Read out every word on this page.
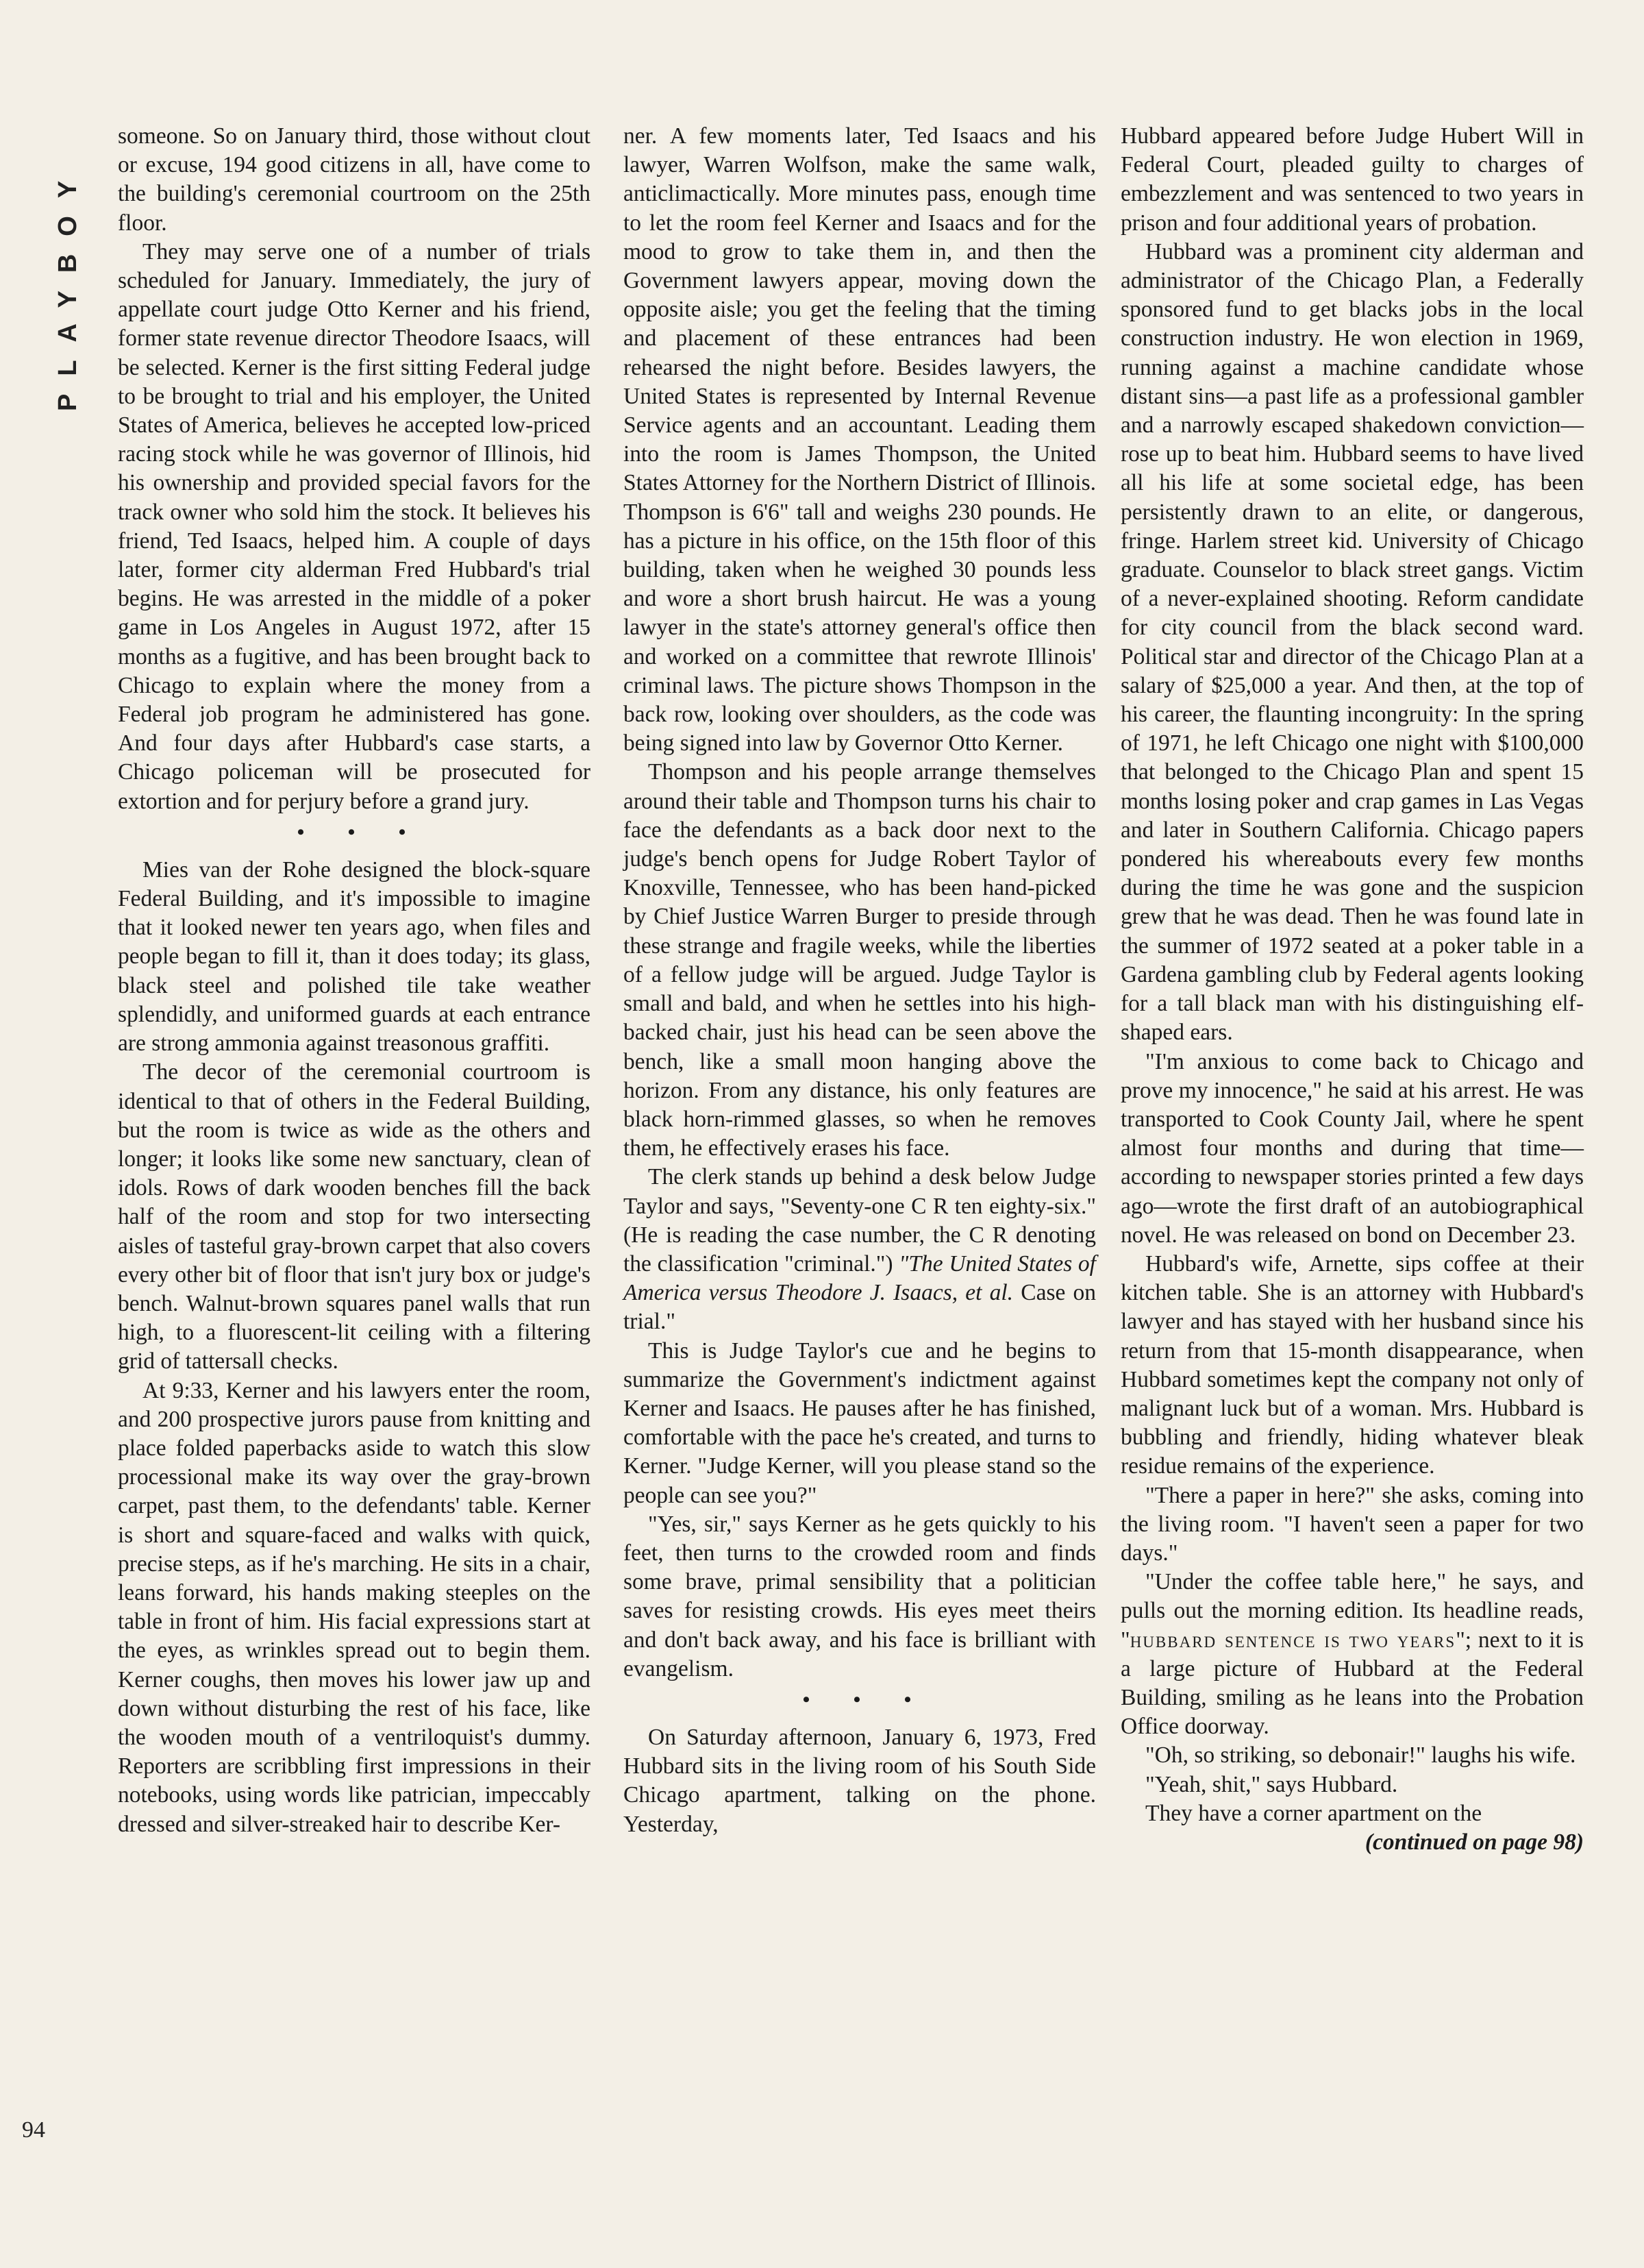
PLAYBOY
94

someone. So on January third, those without clout or excuse, 194 good citizens in all, have come to the building's ceremonial courtroom on the 25th floor.

They may serve one of a number of trials scheduled for January. Immediately, the jury of appellate court judge Otto Kerner and his friend, former state revenue director Theodore Isaacs, will be selected. Kerner is the first sitting Federal judge to be brought to trial and his employer, the United States of America, believes he accepted low-priced racing stock while he was governor of Illinois, hid his ownership and provided special favors for the track owner who sold him the stock. It believes his friend, Ted Isaacs, helped him. A couple of days later, former city alderman Fred Hubbard's trial begins. He was arrested in the middle of a poker game in Los Angeles in August 1972, after 15 months as a fugitive, and has been brought back to Chicago to explain where the money from a Federal job program he administered has gone. And four days after Hubbard's case starts, a Chicago policeman will be prosecuted for extortion and for perjury before a grand jury.

• • •

Mies van der Rohe designed the block-square Federal Building, and it's impossible to imagine that it looked newer ten years ago, when files and people began to fill it, than it does today; its glass, black steel and polished tile take weather splendidly, and uniformed guards at each entrance are strong ammonia against treasonous graffiti.

The decor of the ceremonial courtroom is identical to that of others in the Federal Building, but the room is twice as wide as the others and longer; it looks like some new sanctuary, clean of idols. Rows of dark wooden benches fill the back half of the room and stop for two intersecting aisles of tasteful gray-brown carpet that also covers every other bit of floor that isn't jury box or judge's bench. Walnut-brown squares panel walls that run high, to a fluorescent-lit ceiling with a filtering grid of tattersall checks.

At 9:33, Kerner and his lawyers enter the room, and 200 prospective jurors pause from knitting and place folded paperbacks aside to watch this slow processional make its way over the gray-brown carpet, past them, to the defendants' table. Kerner is short and square-faced and walks with quick, precise steps, as if he's marching. He sits in a chair, leans forward, his hands making steeples on the table in front of him. His facial expressions start at the eyes, as wrinkles spread out to begin them. Kerner coughs, then moves his lower jaw up and down without disturbing the rest of his face, like the wooden mouth of a ventriloquist's dummy. Reporters are scribbling first impressions in their notebooks, using words like patrician, impeccably dressed and silver-streaked hair to describe Ker-

ner. A few moments later, Ted Isaacs and his lawyer, Warren Wolfson, make the same walk, anticlimactically. More minutes pass, enough time to let the room feel Kerner and Isaacs and for the mood to grow to take them in, and then the Government lawyers appear, moving down the opposite aisle; you get the feeling that the timing and placement of these entrances had been rehearsed the night before. Besides lawyers, the United States is represented by Internal Revenue Service agents and an accountant. Leading them into the room is James Thompson, the United States Attorney for the Northern District of Illinois. Thompson is 6'6" tall and weighs 230 pounds. He has a picture in his office, on the 15th floor of this building, taken when he weighed 30 pounds less and wore a short brush haircut. He was a young lawyer in the state's attorney general's office then and worked on a committee that rewrote Illinois' criminal laws. The picture shows Thompson in the back row, looking over shoulders, as the code was being signed into law by Governor Otto Kerner.

Thompson and his people arrange themselves around their table and Thompson turns his chair to face the defendants as a back door next to the judge's bench opens for Judge Robert Taylor of Knoxville, Tennessee, who has been hand-picked by Chief Justice Warren Burger to preside through these strange and fragile weeks, while the liberties of a fellow judge will be argued. Judge Taylor is small and bald, and when he settles into his high-backed chair, just his head can be seen above the bench, like a small moon hanging above the horizon. From any distance, his only features are black horn-rimmed glasses, so when he removes them, he effectively erases his face.

The clerk stands up behind a desk below Judge Taylor and says, "Seventy-one C R ten eighty-six." (He is reading the case number, the C R denoting the classification "criminal.") "The United States of America versus Theodore J. Isaacs, et al. Case on trial."

This is Judge Taylor's cue and he begins to summarize the Government's indictment against Kerner and Isaacs. He pauses after he has finished, comfortable with the pace he's created, and turns to Kerner. "Judge Kerner, will you please stand so the people can see you?"

"Yes, sir," says Kerner as he gets quickly to his feet, then turns to the crowded room and finds some brave, primal sensibility that a politician saves for resisting crowds. His eyes meet theirs and don't back away, and his face is brilliant with evangelism.

• • •

On Saturday afternoon, January 6, 1973, Fred Hubbard sits in the living room of his South Side Chicago apartment, talking on the phone. Yesterday,

Hubbard appeared before Judge Hubert Will in Federal Court, pleaded guilty to charges of embezzlement and was sentenced to two years in prison and four additional years of probation.

Hubbard was a prominent city alderman and administrator of the Chicago Plan, a Federally sponsored fund to get blacks jobs in the local construction industry. He won election in 1969, running against a machine candidate whose distant sins—a past life as a professional gambler and a narrowly escaped shakedown conviction—rose up to beat him. Hubbard seems to have lived all his life at some societal edge, has been persistently drawn to an elite, or dangerous, fringe. Harlem street kid. University of Chicago graduate. Counselor to black street gangs. Victim of a never-explained shooting. Reform candidate for city council from the black second ward. Political star and director of the Chicago Plan at a salary of $25,000 a year. And then, at the top of his career, the flaunting incongruity: In the spring of 1971, he left Chicago one night with $100,000 that belonged to the Chicago Plan and spent 15 months losing poker and crap games in Las Vegas and later in Southern California. Chicago papers pondered his whereabouts every few months during the time he was gone and the suspicion grew that he was dead. Then he was found late in the summer of 1972 seated at a poker table in a Gardena gambling club by Federal agents looking for a tall black man with his distinguishing elf-shaped ears.

"I'm anxious to come back to Chicago and prove my innocence," he said at his arrest. He was transported to Cook County Jail, where he spent almost four months and during that time—according to newspaper stories printed a few days ago—wrote the first draft of an autobiographical novel. He was released on bond on December 23.

Hubbard's wife, Arnette, sips coffee at their kitchen table. She is an attorney with Hubbard's lawyer and has stayed with her husband since his return from that 15-month disappearance, when Hubbard sometimes kept the company not only of malignant luck but of a woman. Mrs. Hubbard is bubbling and friendly, hiding whatever bleak residue remains of the experience.

"There a paper in here?" she asks, coming into the living room. "I haven't seen a paper for two days."

"Under the coffee table here," he says, and pulls out the morning edition. Its headline reads, "hubbard sentence is two years"; next to it is a large picture of Hubbard at the Federal Building, smiling as he leans into the Probation Office doorway.

"Oh, so striking, so debonair!" laughs his wife.

"Yeah, shit," says Hubbard.

They have a corner apartment on the

(continued on page 98)
